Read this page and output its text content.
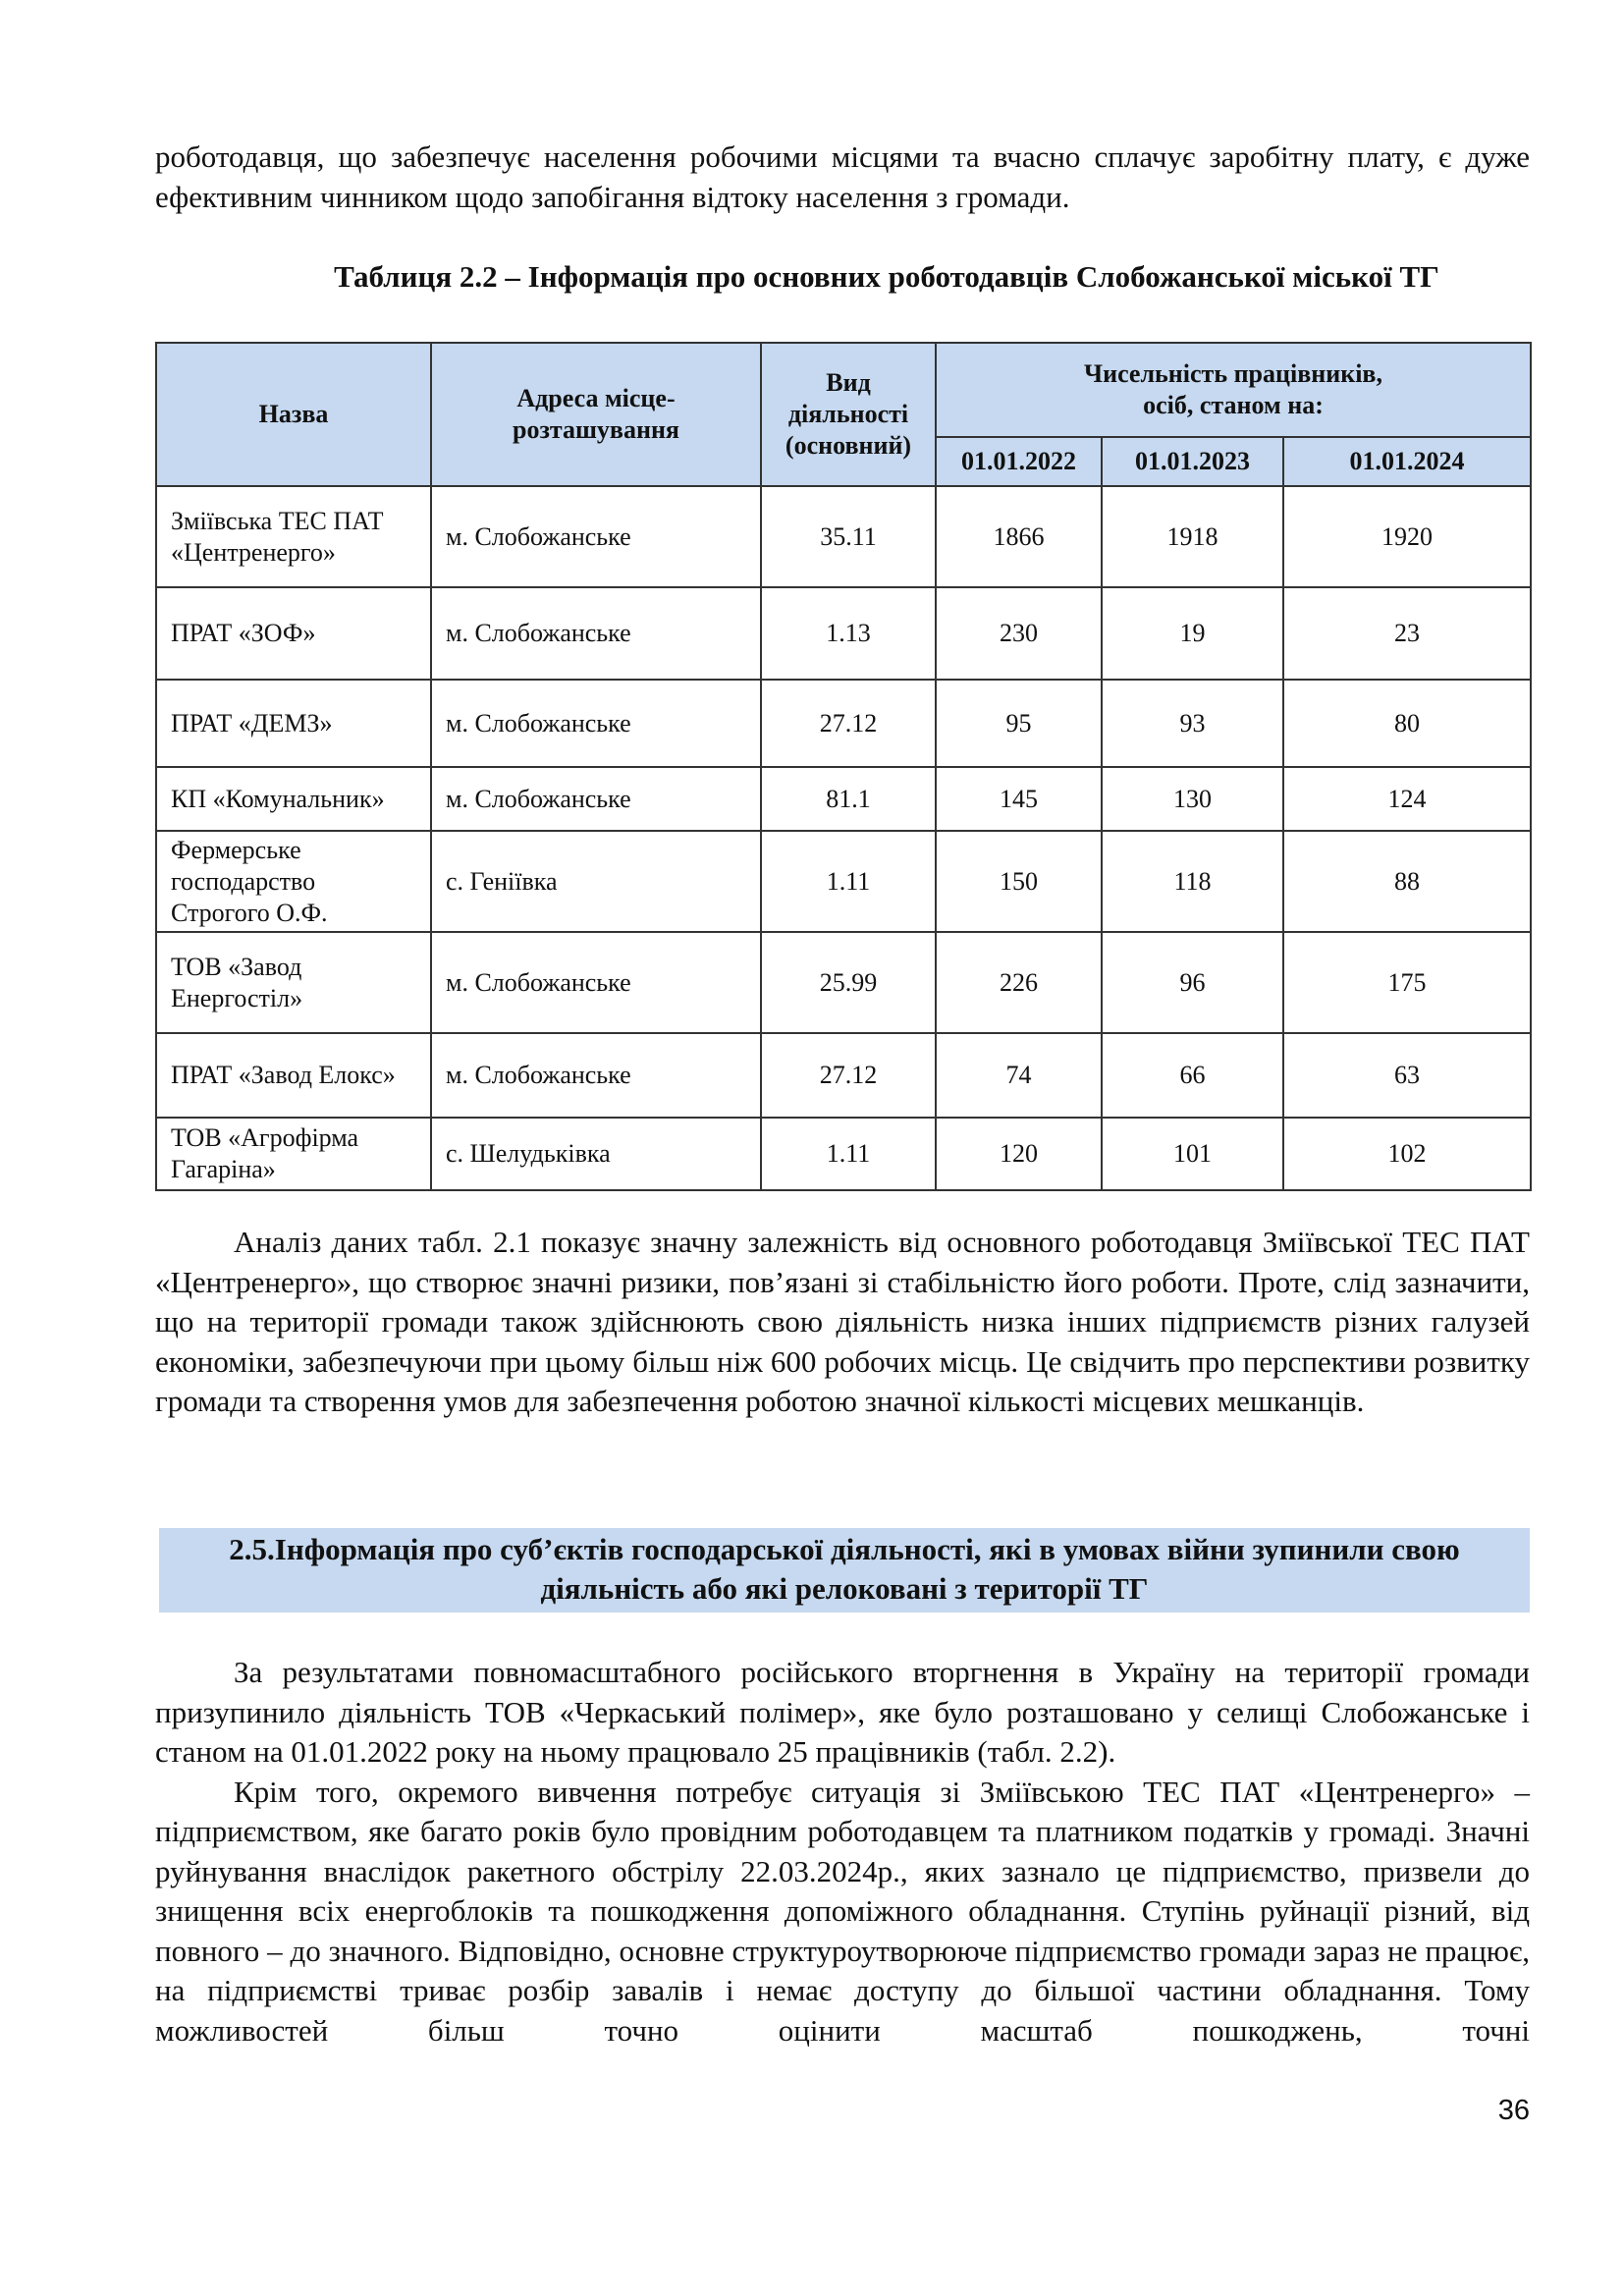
роботодавця, що забезпечує населення робочими місцями та вчасно сплачує заробітну плату, є дуже ефективним чинником щодо запобігання відтоку населення з громади.

Таблиця 2.2 – Інформація про основних роботодавців Слобожанської міської ТГ
Назва	Адреса місце-розташування	Вид діяльності (основний)	Чисельність працівників, осіб, станом на:		
			01.01.2022	01.01.2023	01.01.2024
Зміївська ТЕС ПАТ «Центренерго»	м. Слобожанське	35.11	1866	1918	1920
ПРАТ «ЗОФ»	м. Слобожанське	1.13	230	19	23
ПРАТ «ДЕМЗ»	м. Слобожанське	27.12	95	93	80
КП «Комунальник»	м. Слобожанське	81.1	145	130	124
Фермерське господарство Строгого О.Ф.	с. Геніївка	1.11	150	118	88
ТОВ «Завод Енергостіл»	м. Слобожанське	25.99	226	96	175
ПРАТ «Завод Елокс»	м. Слобожанське	27.12	74	66	63
ТОВ «Агрофірма Гагаріна»	с. Шелудьківка	1.11	120	101	102

Аналіз даних табл. 2.1 показує значну залежність від основного роботодавця Зміївської ТЕС ПАТ «Центренерго», що створює значні ризики, пов’язані зі стабільністю його роботи. Проте, слід зазначити, що на території громади також здійснюють свою діяльність низка інших підприємств різних галузей економіки, забезпечуючи при цьому більш ніж 600 робочих місць. Це свідчить про перспективи розвитку громади та створення умов для забезпечення роботою значної кількості місцевих мешканців.

2.5.Інформація про суб’єктів господарської діяльності, які в умовах війни зупинили свою діяльність або які релоковані з території ТГ

За результатами повномасштабного російського вторгнення в Україну на території громади призупинило діяльність ТОВ «Черкаський полімер», яке було розташовано у селищі Слобожанське і станом на 01.01.2022 року на ньому працювало 25 працівників (табл. 2.2).

Крім того, окремого вивчення потребує ситуація зі Зміївською ТЕС ПАТ «Центренерго» – підприємством, яке багато років було провідним роботодавцем та платником податків у громаді. Значні руйнування внаслідок ракетного обстрілу 22.03.2024р., яких зазнало це підприємство, призвели до знищення всіх енергоблоків та пошкодження допоміжного обладнання. Ступінь руйнації різний, від повного – до значного. Відповідно, основне структуроутворююче підприємство громади зараз не працює, на підприємстві триває розбір завалів і немає доступу до більшої частини обладнання. Тому можливостей більш точно оцінити масштаб пошкоджень, точні

36
